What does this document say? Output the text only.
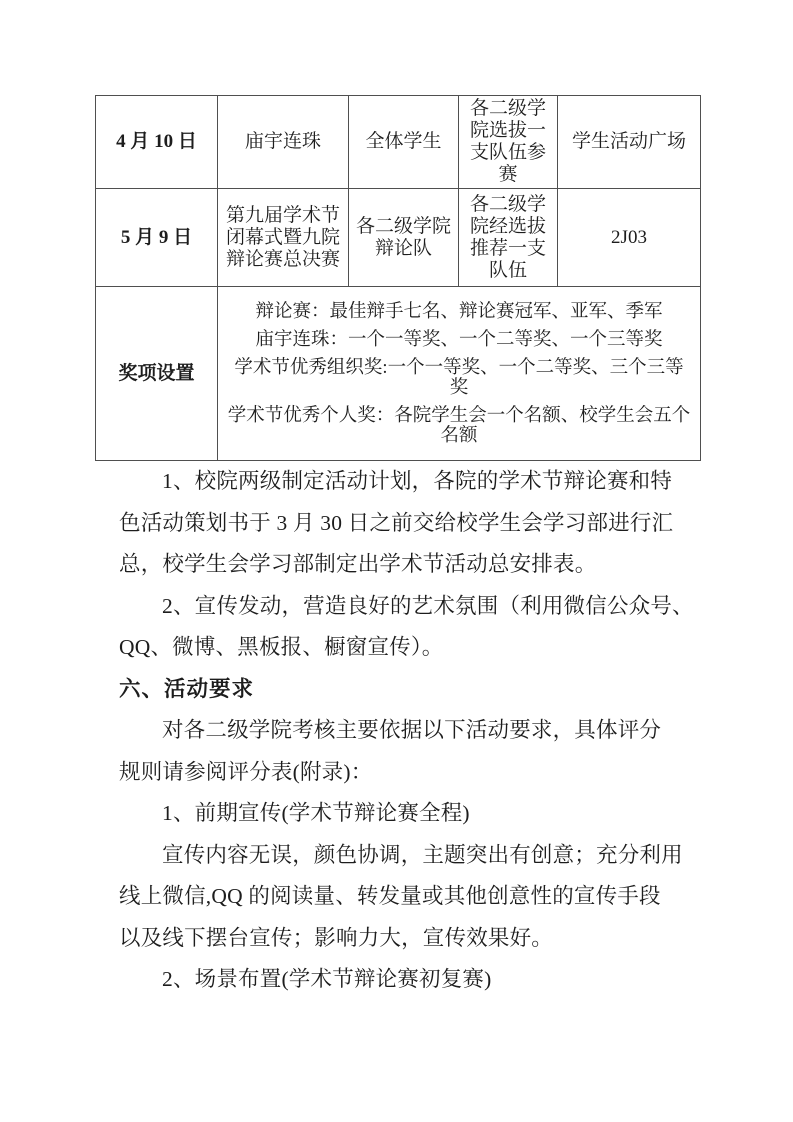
4 月 10 日	庙宇连珠	全体学生	各二级学院选拔一支队伍参赛	学生活动广场
5 月 9 日	第九届学术节闭幕式暨九院辩论赛总决赛	各二级学院辩论队	各二级学院经选拔推荐一支队伍	2J03
奖项设置	
辩论赛：最佳辩手七名、辩论赛冠军、亚军、季军
庙宇连珠：一个一等奖、一个二等奖、一个三等奖
学术节优秀组织奖:一个一等奖、一个二等奖、三个三等
奖
学术节优秀个人奖：各院学生会一个名额、校学生会五个
名额
1、校院两级制定活动计划，各院的学术节辩论赛和特
色活动策划书于 3 月 30 日之前交给校学生会学习部进行汇
总，校学生会学习部制定出学术节活动总安排表。
2、宣传发动，营造良好的艺术氛围（利用微信公众号、
QQ、微博、黑板报、橱窗宣传）。
六、活动要求
对各二级学院考核主要依据以下活动要求，具体评分
规则请参阅评分表(附录)：
1、前期宣传(学术节辩论赛全程)
宣传内容无误，颜色协调，主题突出有创意；充分利用
线上微信,QQ 的阅读量、转发量或其他创意性的宣传手段
以及线下摆台宣传；影响力大，宣传效果好。
2、场景布置(学术节辩论赛初复赛)
